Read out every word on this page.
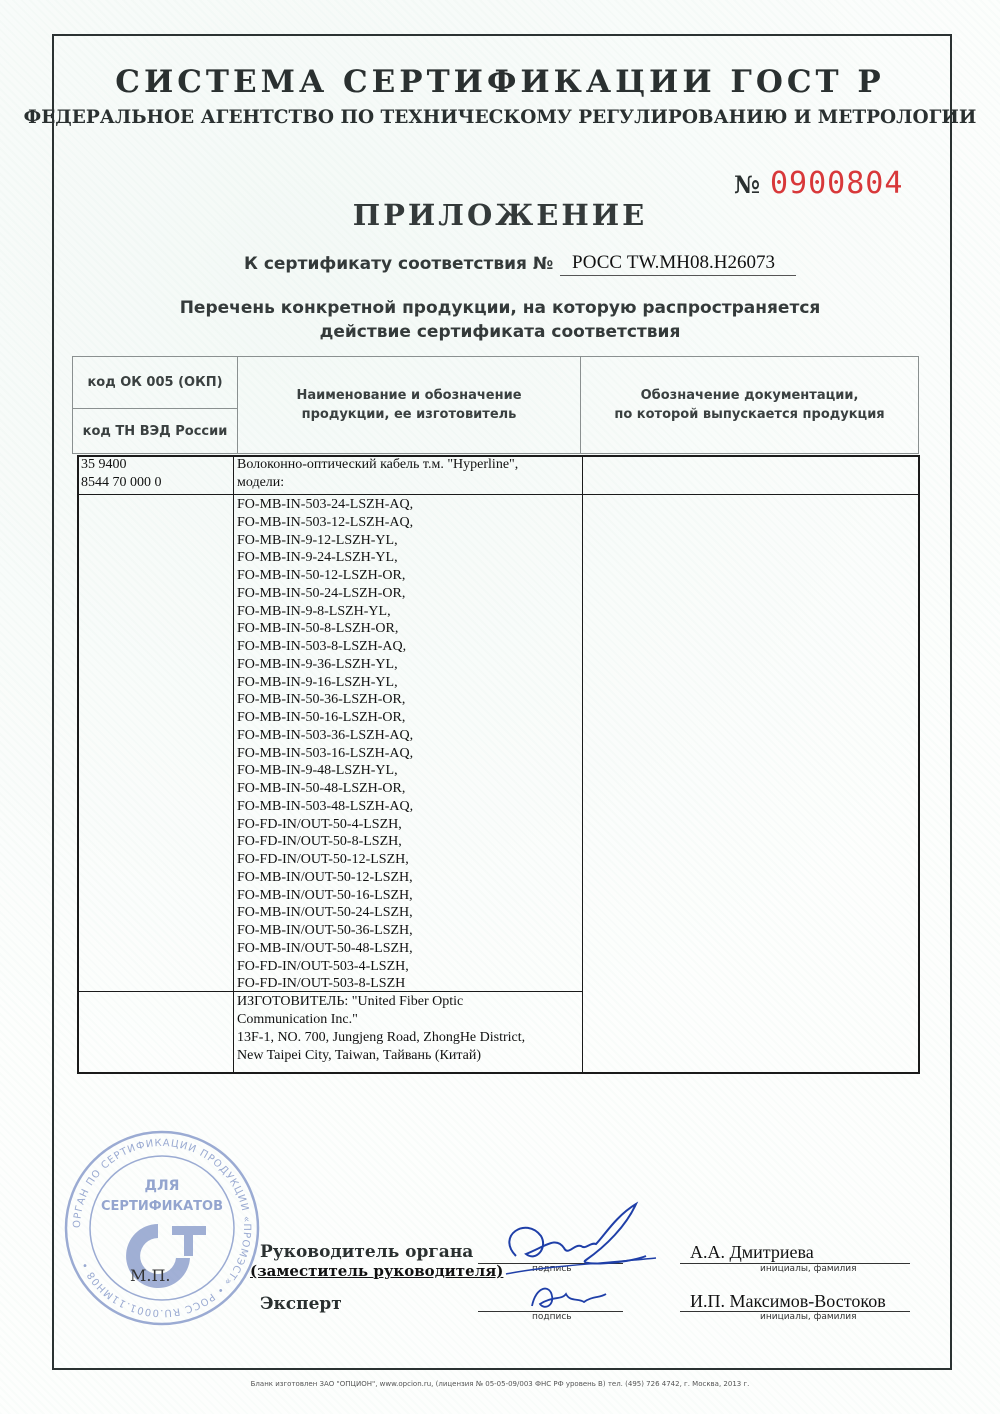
СИСТЕМА СЕРТИФИКАЦИИ ГОСТ Р
ФЕДЕРАЛЬНОЕ АГЕНТСТВО ПО ТЕХНИЧЕСКОМУ РЕГУЛИРОВАНИЮ И МЕТРОЛОГИИ
№ 0900804
ПРИЛОЖЕНИЕ
К сертификату соответствия № РОСС TW.МН08.Н26073
Перечень конкретной продукции, на которую распространяется
действие сертификата соответствия
код ОК 005 (ОКП)
код ТН ВЭД России
Наименование и обозначение
продукции, ее изготовитель
Обозначение документации,
по которой выпускается продукция
35 9400
8544 70 000 0
Волоконно-оптический кабель т.м. "Hyperline",
модели:
FO-MB-IN-503-24-LSZH-AQ,
FO-MB-IN-503-12-LSZH-AQ,
FO-MB-IN-9-12-LSZH-YL,
FO-MB-IN-9-24-LSZH-YL,
FO-MB-IN-50-12-LSZH-OR,
FO-MB-IN-50-24-LSZH-OR,
FO-MB-IN-9-8-LSZH-YL,
FO-MB-IN-50-8-LSZH-OR,
FO-MB-IN-503-8-LSZH-AQ,
FO-MB-IN-9-36-LSZH-YL,
FO-MB-IN-9-16-LSZH-YL,
FO-MB-IN-50-36-LSZH-OR,
FO-MB-IN-50-16-LSZH-OR,
FO-MB-IN-503-36-LSZH-AQ,
FO-MB-IN-503-16-LSZH-AQ,
FO-MB-IN-9-48-LSZH-YL,
FO-MB-IN-50-48-LSZH-OR,
FO-MB-IN-503-48-LSZH-AQ,
FO-FD-IN/OUT-50-4-LSZH,
FO-FD-IN/OUT-50-8-LSZH,
FO-FD-IN/OUT-50-12-LSZH,
FO-MB-IN/OUT-50-12-LSZH,
FO-MB-IN/OUT-50-16-LSZH,
FO-MB-IN/OUT-50-24-LSZH,
FO-MB-IN/OUT-50-36-LSZH,
FO-MB-IN/OUT-50-48-LSZH,
FO-FD-IN/OUT-503-4-LSZH,
FO-FD-IN/OUT-503-8-LSZH
ИЗГОТОВИТЕЛЬ: "United Fiber Optic
Communication Inc."
13F-1, NO. 700, Jungjeng Road, ZhongHe District,
New Taipei City, Taiwan, Тайвань (Китай)
ОРГАН ПО СЕРТИФИКАЦИИ ПРОДУКЦИИ «ПРОМЭСТ» • РОСС RU.0001.11МН08 •
ДЛЯ
СЕРТИФИКАТОВ
М.П.
Руководитель органа
(заместитель руководителя)
Эксперт
подпись	инициалы, фамилия
А.А. Дмитриева
подпись	инициалы, фамилия
И.П. Максимов-Востоков
Бланк изготовлен ЗАО "ОПЦИОН", www.opcion.ru, (лицензия № 05-05-09/003 ФНС РФ уровень В) тел. (495) 726 4742, г. Москва, 2013 г.
